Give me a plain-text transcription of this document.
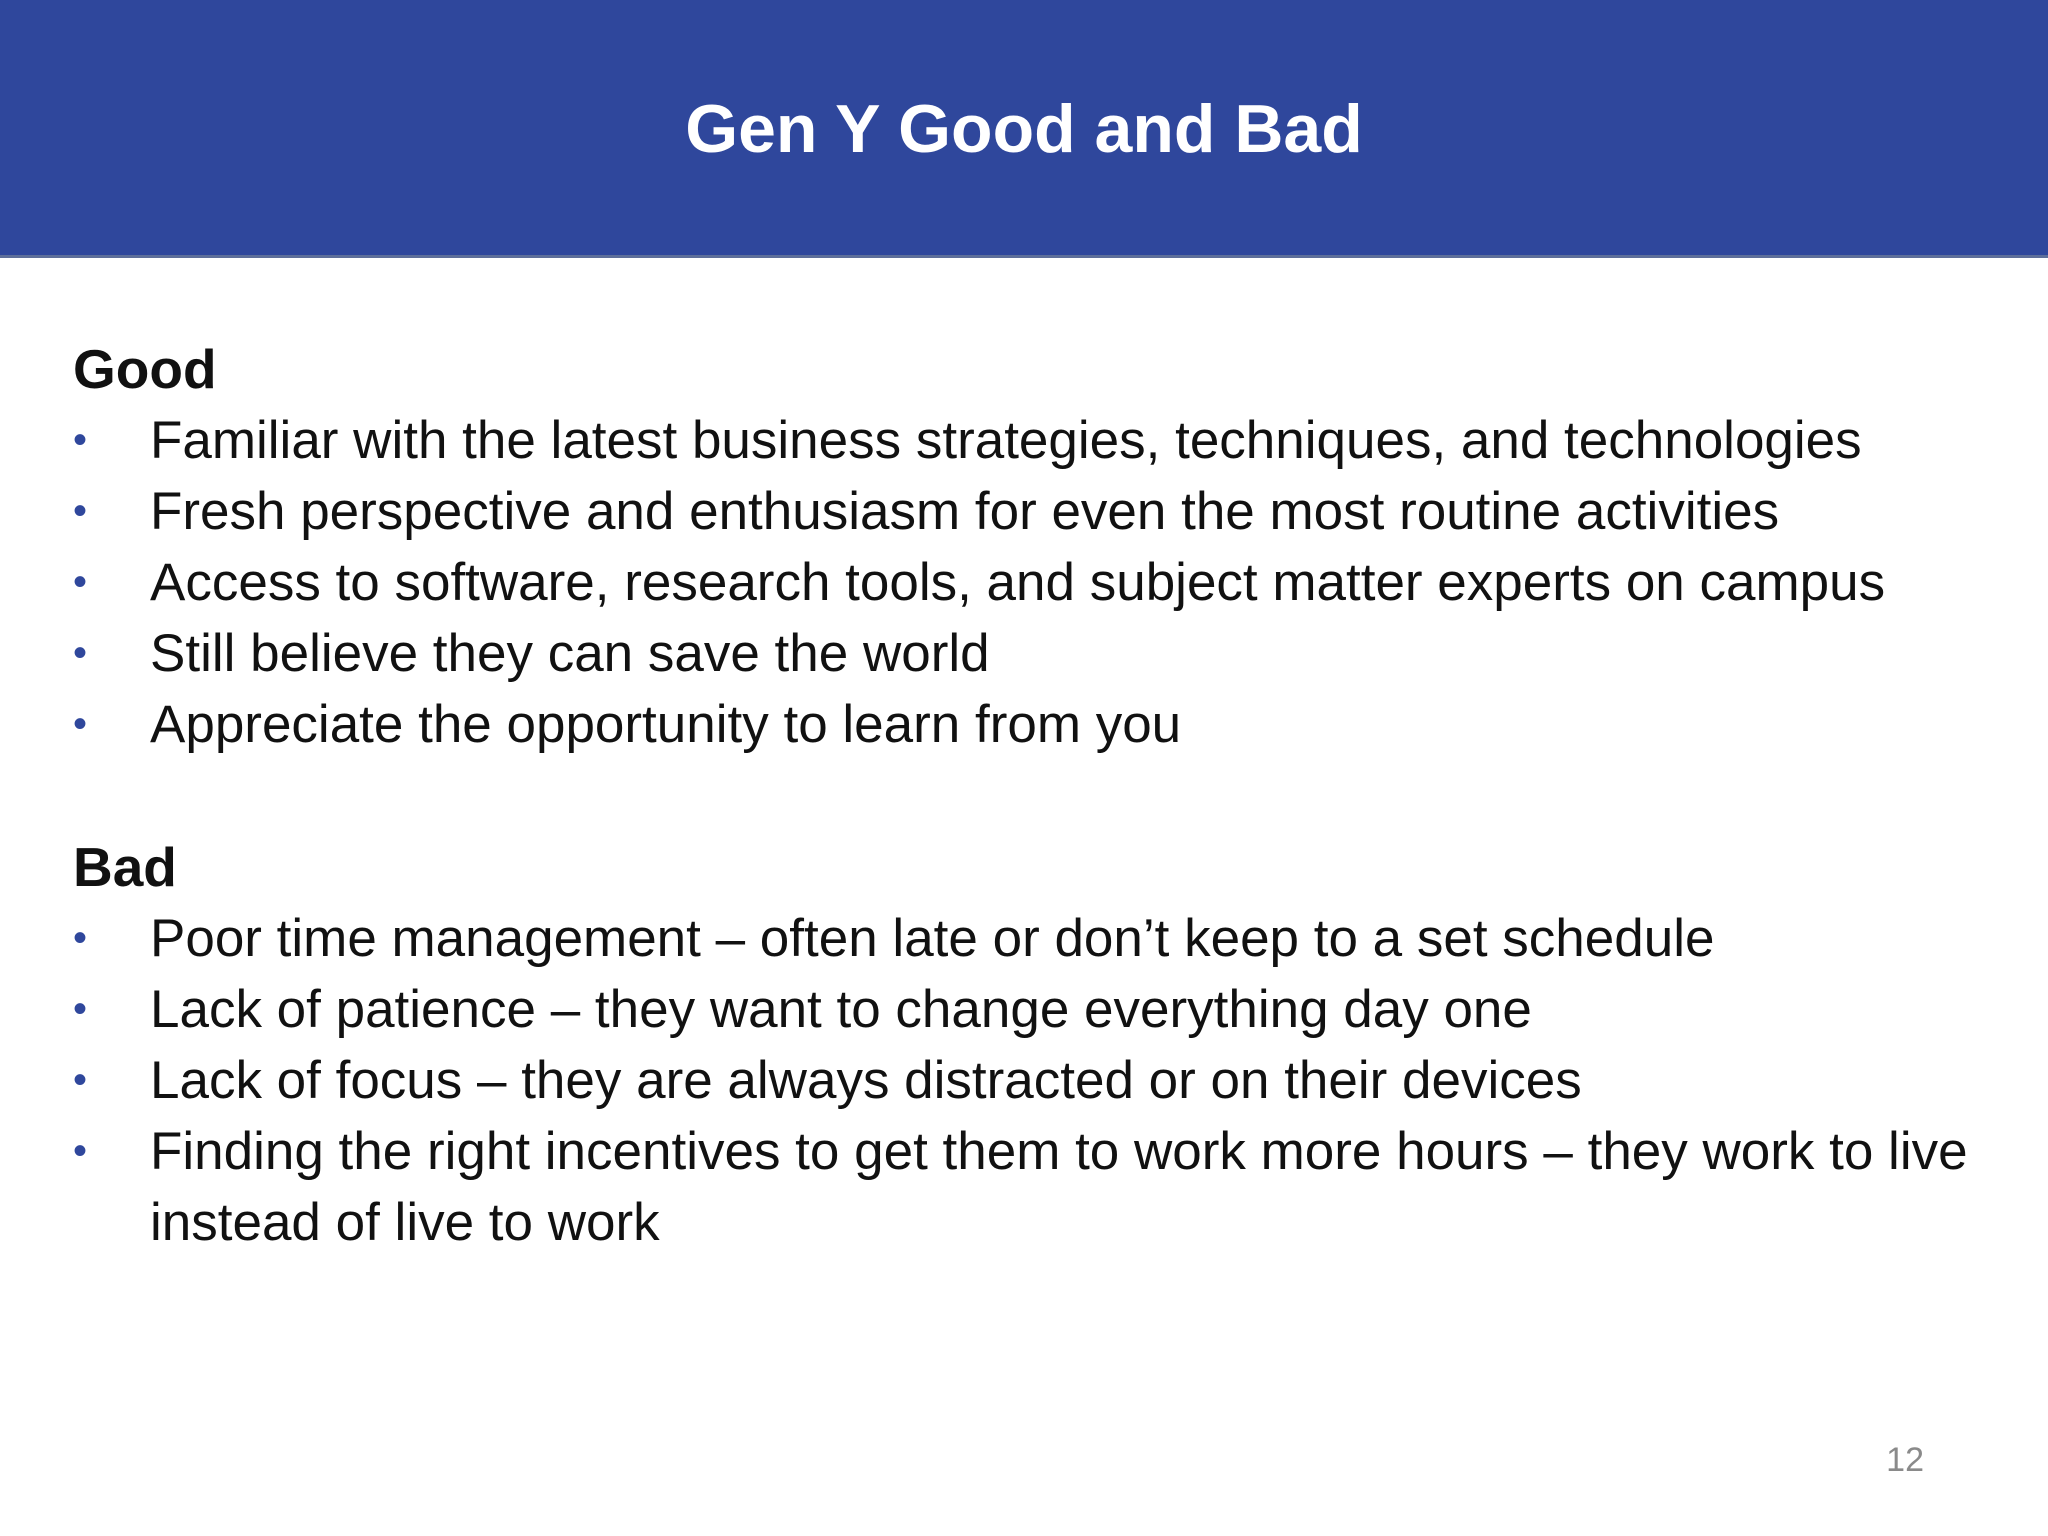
Gen Y Good and Bad
Good
•	Familiar with the latest business strategies, techniques, and technologies
•	Fresh perspective and enthusiasm for even the most routine activities
•	Access to software, research tools, and subject matter experts on campus
•	Still believe they can save the world
•	Appreciate the opportunity to learn from you
Bad
•	Poor time management – often late or don’t keep to a set schedule
•	Lack of patience – they want to change everything day one
•	Lack of focus – they are always distracted or on their devices
•	Finding the right incentives to get them to work more hours – they work to live instead of live to work
12
